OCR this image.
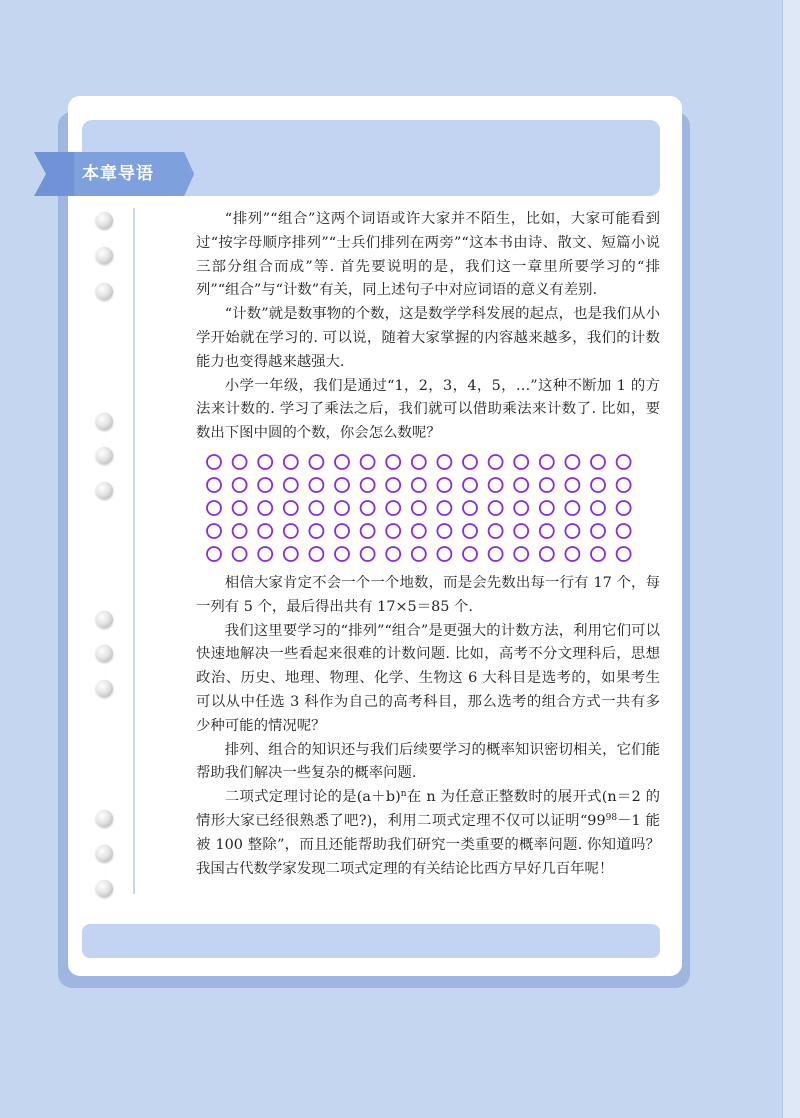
本章导语

“排列”“组合”这两个词语或许大家并不陌生，比如，大家可能看到过“按字母顺序排列”“士兵们排列在两旁”“这本书由诗、散文、短篇小说三部分组合而成”等. 首先要说明的是，我们这一章里所要学习的“排列”“组合”与“计数”有关，同上述句子中对应词语的意义有差别.

“计数”就是数事物的个数，这是数学学科发展的起点，也是我们从小学开始就在学习的. 可以说，随着大家掌握的内容越来越多，我们的计数能力也变得越来越强大.

小学一年级，我们是通过“1，2，3，4，5，…”这种不断加 1 的方法来计数的. 学习了乘法之后，我们就可以借助乘法来计数了. 比如，要数出下图中圆的个数，你会怎么数呢？

相信大家肯定不会一个一个地数，而是会先数出每一行有 17 个，每一列有 5 个，最后得出共有 17×5＝85 个.

我们这里要学习的“排列”“组合”是更强大的计数方法，利用它们可以快速地解决一些看起来很难的计数问题. 比如，高考不分文理科后，思想政治、历史、地理、物理、化学、生物这 6 大科目是选考的，如果考生可以从中任选 3 科作为自己的高考科目，那么选考的组合方式一共有多少种可能的情况呢？

排列、组合的知识还与我们后续要学习的概率知识密切相关，它们能帮助我们解决一些复杂的概率问题.

二项式定理讨论的是$(a+b)^n$在 n 为任意正整数时的展开式(n＝2 的情形大家已经很熟悉了吧?)，利用二项式定理不仅可以证明“$99^{98}-1$ 能被 100 整除”，而且还能帮助我们研究一类重要的概率问题. 你知道吗？我国古代数学家发现二项式定理的有关结论比西方早好几百年呢！
